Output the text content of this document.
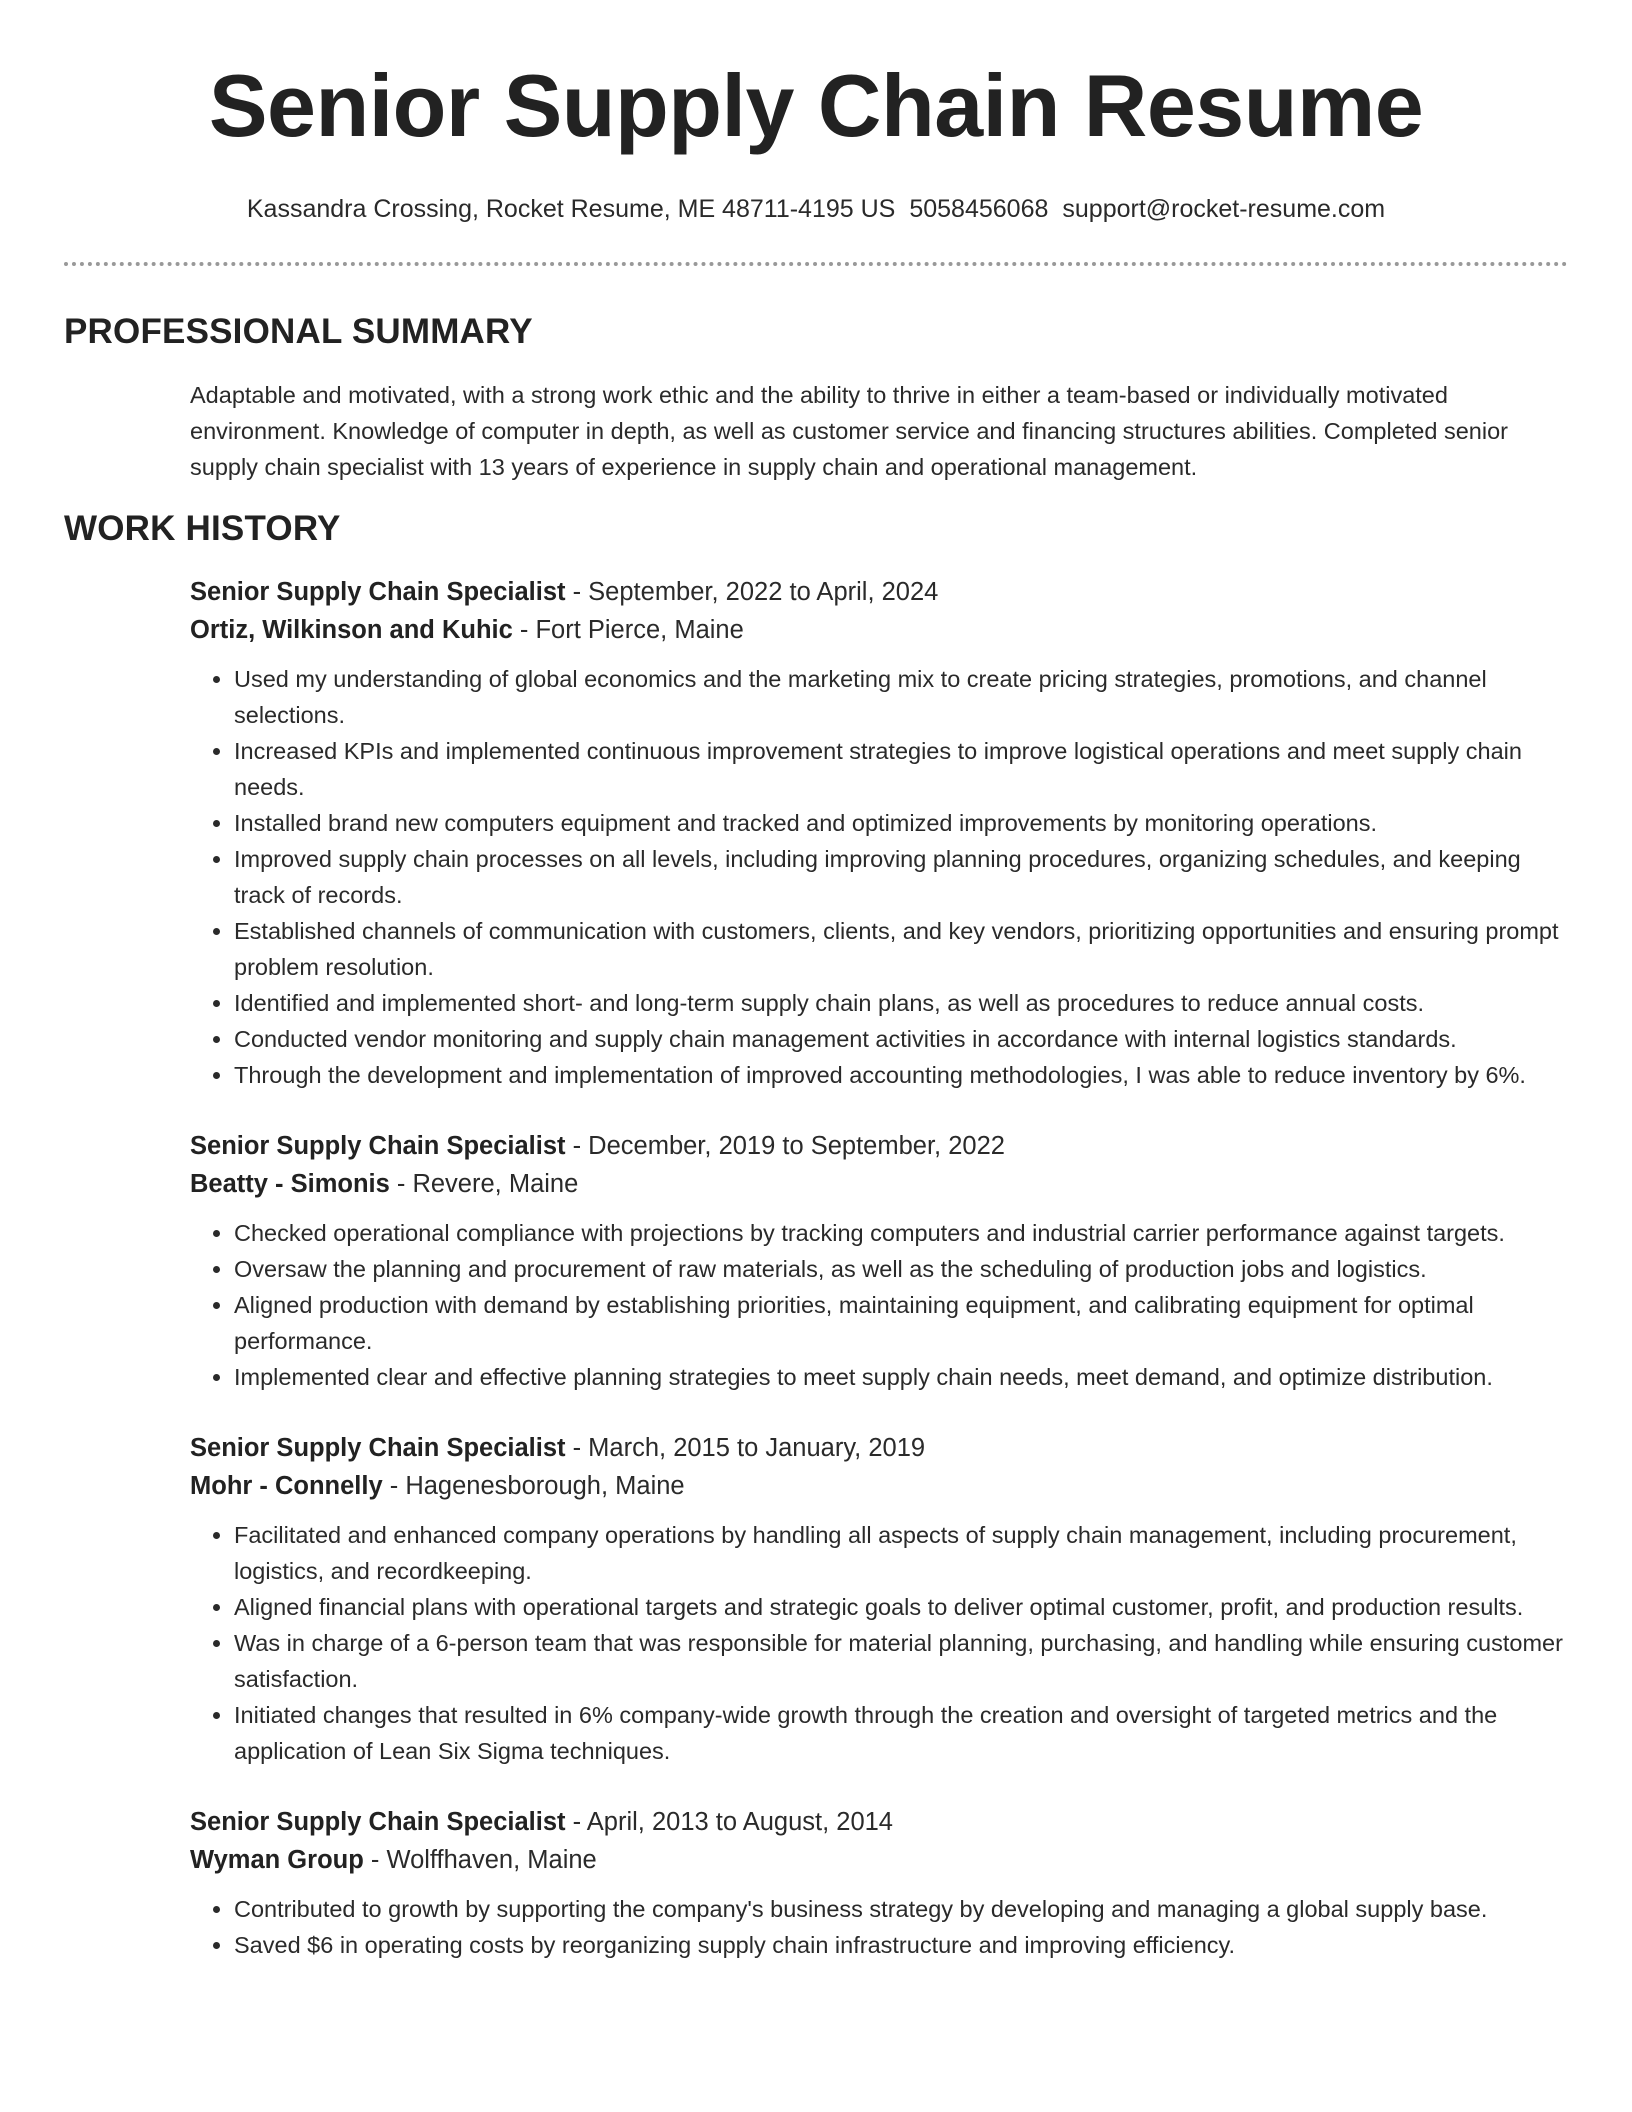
Senior Supply Chain Resume
Kassandra Crossing, Rocket Resume, ME 48711-4195 US 5058456068 support@rocket-resume.com
PROFESSIONAL SUMMARY
Adaptable and motivated, with a strong work ethic and the ability to thrive in either a team-based or individually motivated environment. Knowledge of computer in depth, as well as customer service and financing structures abilities. Completed senior supply chain specialist with 13 years of experience in supply chain and operational management.
WORK HISTORY
Senior Supply Chain Specialist - September, 2022 to April, 2024
Ortiz, Wilkinson and Kuhic - Fort Pierce, Maine
• Used my understanding of global economics and the marketing mix to create pricing strategies, promotions, and channel selections.
• Increased KPIs and implemented continuous improvement strategies to improve logistical operations and meet supply chain needs.
• Installed brand new computers equipment and tracked and optimized improvements by monitoring operations.
• Improved supply chain processes on all levels, including improving planning procedures, organizing schedules, and keeping track of records.
• Established channels of communication with customers, clients, and key vendors, prioritizing opportunities and ensuring prompt problem resolution.
• Identified and implemented short- and long-term supply chain plans, as well as procedures to reduce annual costs.
• Conducted vendor monitoring and supply chain management activities in accordance with internal logistics standards.
• Through the development and implementation of improved accounting methodologies, I was able to reduce inventory by 6%.
Senior Supply Chain Specialist - December, 2019 to September, 2022
Beatty - Simonis - Revere, Maine
• Checked operational compliance with projections by tracking computers and industrial carrier performance against targets.
• Oversaw the planning and procurement of raw materials, as well as the scheduling of production jobs and logistics.
• Aligned production with demand by establishing priorities, maintaining equipment, and calibrating equipment for optimal performance.
• Implemented clear and effective planning strategies to meet supply chain needs, meet demand, and optimize distribution.
Senior Supply Chain Specialist - March, 2015 to January, 2019
Mohr - Connelly - Hagenesborough, Maine
• Facilitated and enhanced company operations by handling all aspects of supply chain management, including procurement, logistics, and recordkeeping.
• Aligned financial plans with operational targets and strategic goals to deliver optimal customer, profit, and production results.
• Was in charge of a 6-person team that was responsible for material planning, purchasing, and handling while ensuring customer satisfaction.
• Initiated changes that resulted in 6% company-wide growth through the creation and oversight of targeted metrics and the application of Lean Six Sigma techniques.
Senior Supply Chain Specialist - April, 2013 to August, 2014
Wyman Group - Wolffhaven, Maine
• Contributed to growth by supporting the company's business strategy by developing and managing a global supply base.
• Saved $6 in operating costs by reorganizing supply chain infrastructure and improving efficiency.
